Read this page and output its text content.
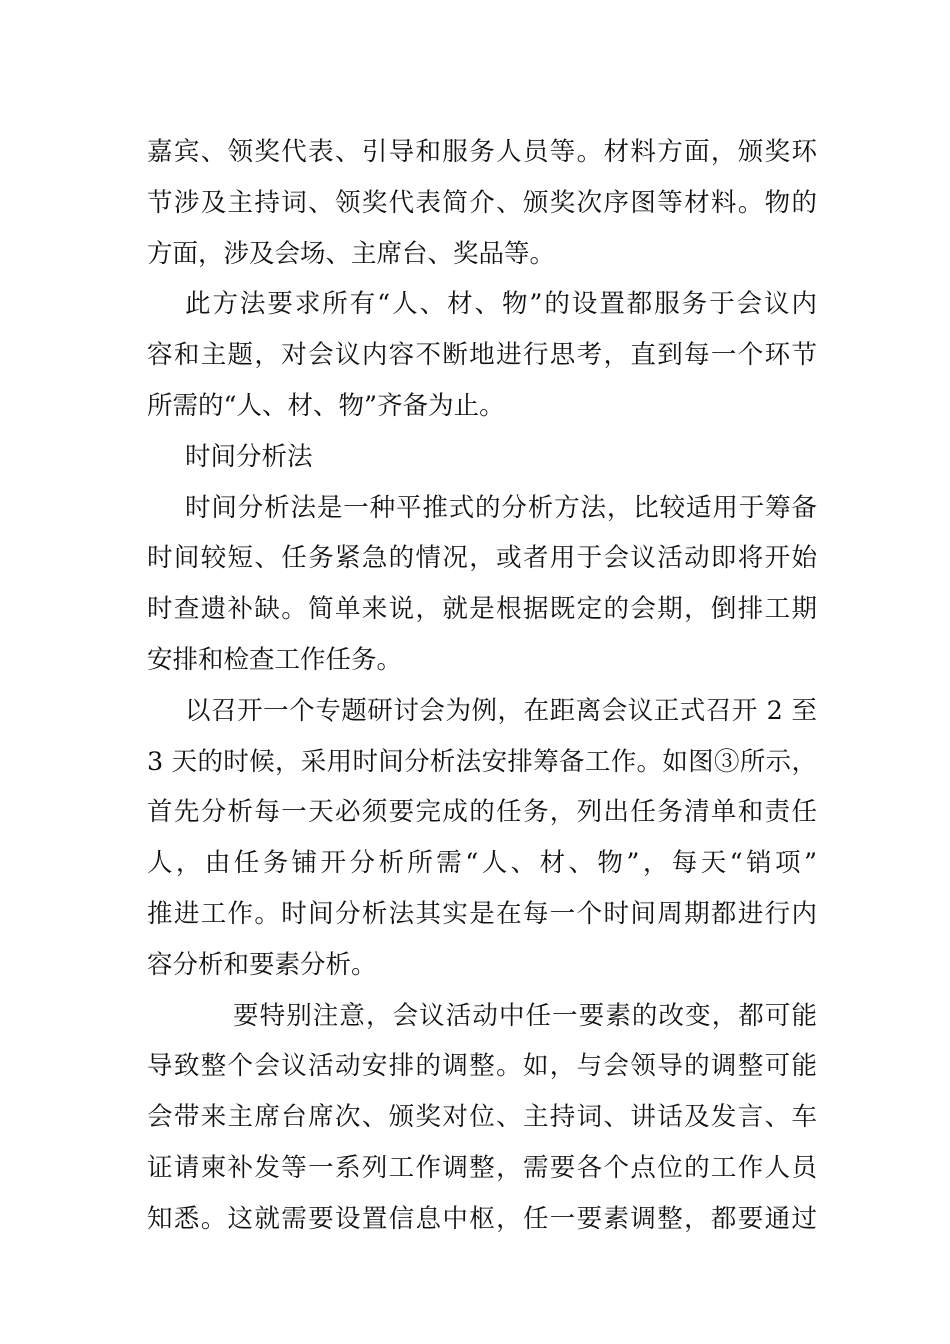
嘉宾、领奖代表、引导和服务人员等。材料方面，颁奖环
节涉及主持词、领奖代表简介、颁奖次序图等材料。物的
方面，涉及会场、主席台、奖品等。
此方法要求所有“人、材、物”的设置都服务于会议内
容和主题，对会议内容不断地进行思考，直到每一个环节
所需的“人、材、物”齐备为止。
时间分析法
时间分析法是一种平推式的分析方法，比较适用于筹备
时间较短、任务紧急的情况，或者用于会议活动即将开始
时查遗补缺。简单来说，就是根据既定的会期，倒排工期
安排和检查工作任务。
以召开一个专题研讨会为例，在距离会议正式召开 2 至
3 天的时候，采用时间分析法安排筹备工作。如图③所示，
首先分析每一天必须要完成的任务，列出任务清单和责任
人，由任务铺开分析所需“人、材、物”，每天“销项”
推进工作。时间分析法其实是在每一个时间周期都进行内
容分析和要素分析。
要特别注意，会议活动中任一要素的改变，都可能
导致整个会议活动安排的调整。如，与会领导的调整可能
会带来主席台席次、颁奖对位、主持词、讲话及发言、车
证请柬补发等一系列工作调整，需要各个点位的工作人员
知悉。这就需要设置信息中枢，任一要素调整，都要通过
